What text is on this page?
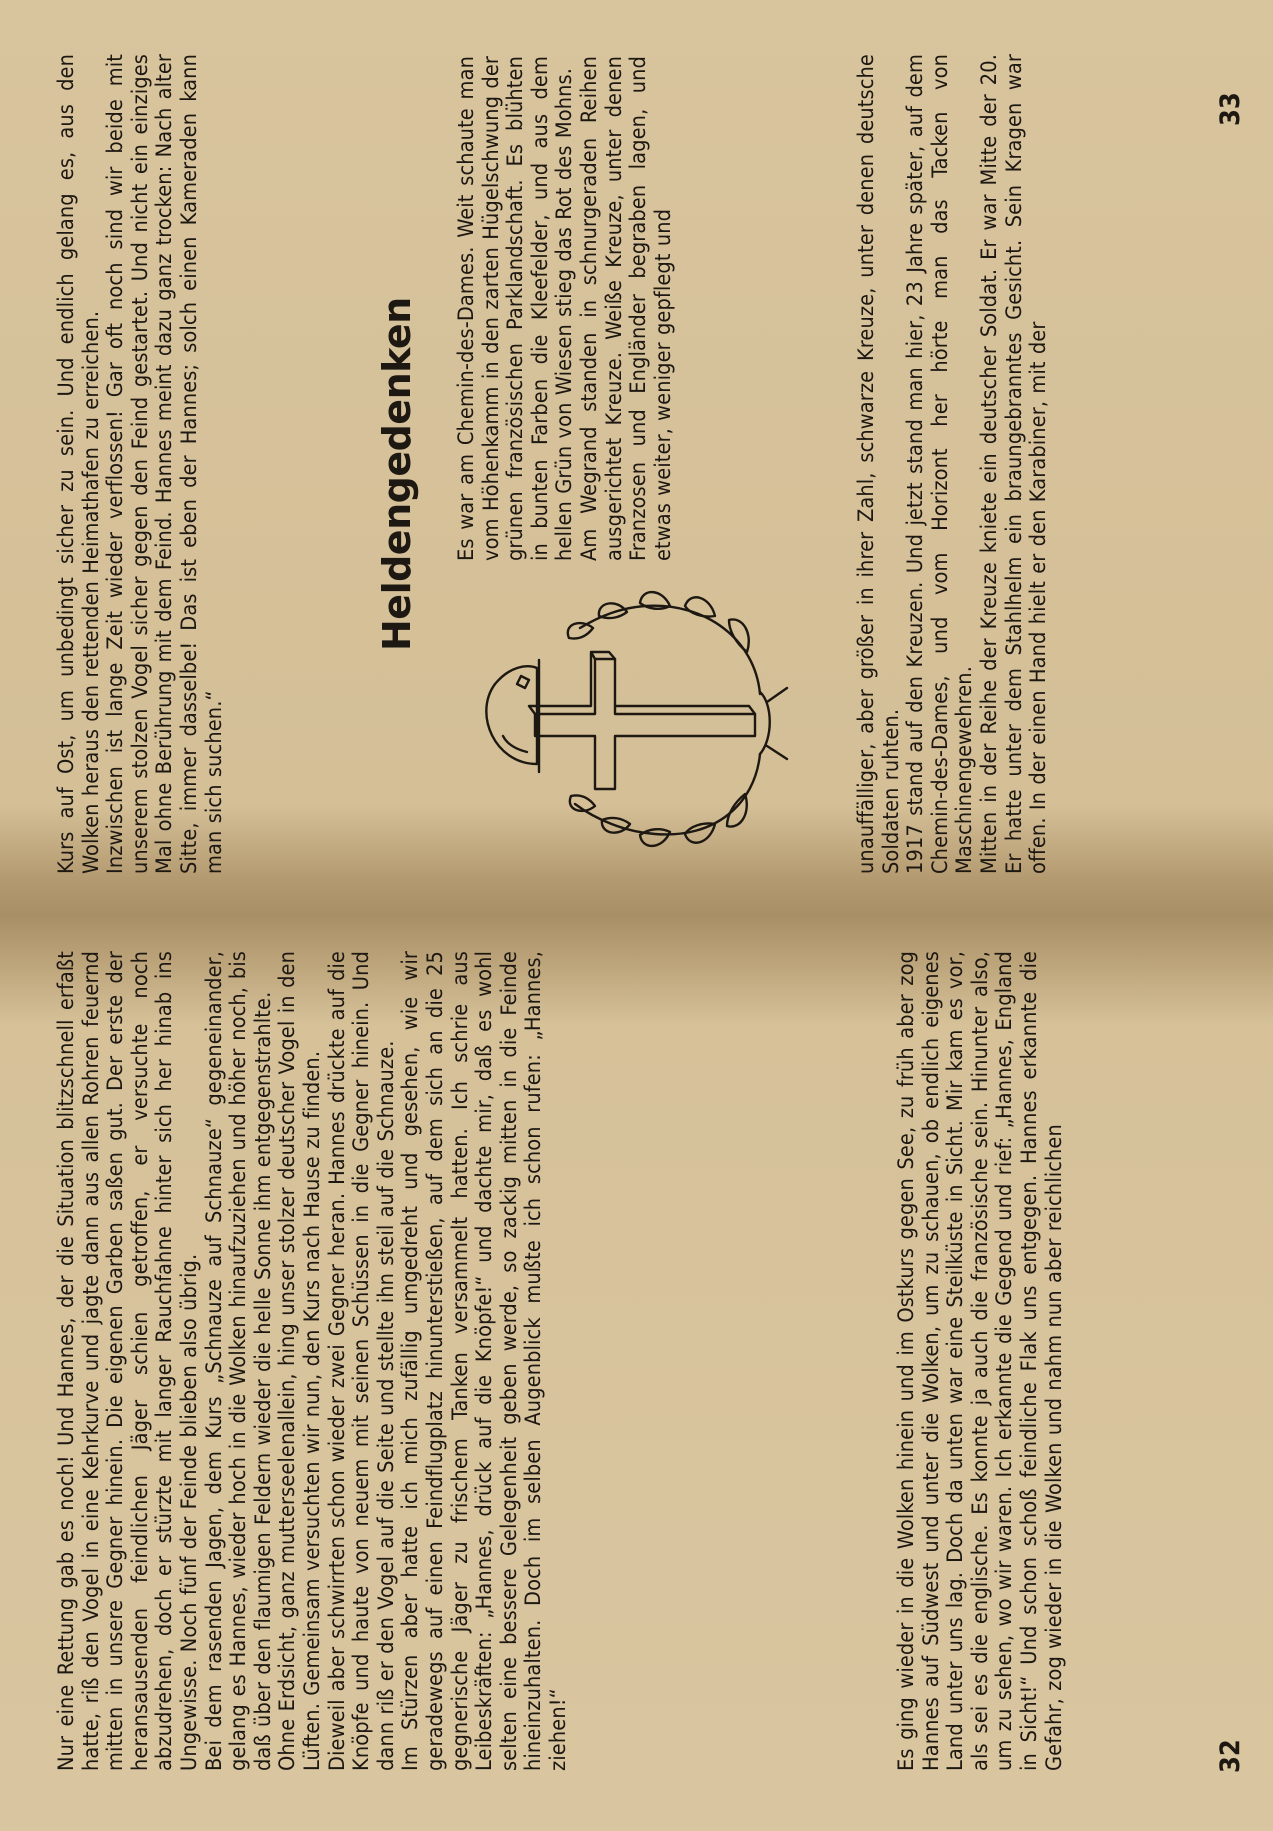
Nur eine Rettung gab es noch! Und Hannes, der die Situation blitzschnell erfaßt hatte, riß den Vogel in eine Kehrkurve und jagte dann aus allen Rohren feuernd mitten in unsere Gegner hinein. Die eigenen Garben saßen gut. Der erste der heransausenden feindlichen Jäger schien getroffen, er versuchte noch abzudrehen, doch er stürzte mit langer Rauchfahne hinter sich her hinab ins Ungewisse. Noch fünf der Feinde blieben also übrig. Bei dem rasenden Jagen, dem Kurs „Schnauze auf Schnauze“ gegeneinander, gelang es Hannes, wieder hoch in die Wolken hinaufzuziehen und höher noch, bis daß über den flaumigen Feldern wieder die helle Sonne ihm entgegenstrahlte. Ohne Erdsicht, ganz mutterseelenallein, hing unser stolzer deutscher Vogel in den Lüften. Gemeinsam versuchten wir nun, den Kurs nach Hause zu finden. Dieweil aber schwirrten schon wieder zwei Gegner heran. Hannes drückte auf die Knöpfe und haute von neuem mit seinen Schüssen in die Gegner hinein. Und dann riß er den Vogel auf die Seite und stellte ihn steil auf die Schnauze. Im Stürzen aber hatte ich mich zufällig umgedreht und gesehen, wie wir geradewegs auf einen Feindflugplatz hinunterstießen, auf dem sich an die 25 gegnerische Jäger zu frischem Tanken versammelt hatten. Ich schrie aus Leibeskräften: „Hannes, drück auf die Knöpfe!“ und dachte mir, daß es wohl selten eine bessere Gelegenheit geben werde, so zackig mitten in die Feinde hineinzuhalten. Doch im selben Augenblick mußte ich schon rufen: „Hannes, ziehen!“	Es ging wieder in die Wolken hinein und im Ostkurs gegen See, zu früh aber zog Hannes auf Südwest und unter die Wolken, um zu schauen, ob endlich eigenes Land unter uns lag. Doch da unten war eine Steilküste in Sicht. Mir kam es vor, als sei es die englische. Es konnte ja auch die französische sein. Hinunter also, um zu sehen, wo wir waren. Ich erkannte die Gegend und rief: „Hannes, England in Sicht!“ Und schon schoß feindliche Flak uns entgegen. Hannes erkannte die Gefahr, zog wieder in die Wolken und nahm nun aber reichlichen	32

Kurs auf Ost, um unbedingt sicher zu sein. Und endlich gelang es, aus den Wolken heraus den rettenden Heimathafen zu erreichen. Inzwischen ist lange Zeit wieder verflossen! Gar oft noch sind wir beide mit unserem stolzen Vogel sicher gegen den Feind gestartet. Und nicht ein einziges Mal ohne Berührung mit dem Feind. Hannes meint dazu ganz trocken: Nach alter Sitte, immer dasselbe! Das ist eben der Hannes; solch einen Kameraden kann man sich suchen.“

Heldengedenken Es war am Chemin-des-Dames. Weit schaute man vom Höhenkamm in den zarten Hügelschwung der grünen französischen Parklandschaft. Es blühten in bunten Farben die Kleefelder, und aus dem hellen Grün von Wiesen stieg das Rot des Mohns. Am Wegrand standen in schnurgeraden Reihen ausgerichtet Kreuze. Weiße Kreuze, unter denen Franzosen und Engländer begraben lagen, und etwas weiter, weniger gepflegt und	unauffälliger, aber größer in ihrer Zahl, schwarze Kreuze, unter denen deutsche Soldaten ruhten. 1917 stand auf den Kreuzen. Und jetzt stand man hier, 23 Jahre später, auf dem Chemin-des-Dames, und vom Horizont her hörte man das Tacken von Maschinengewehren. Mitten in der Reihe der Kreuze kniete ein deutscher Soldat. Er war Mitte der 20. Er hatte unter dem Stahlhelm ein braungebranntes Gesicht. Sein Kragen war offen. In der einen Hand hielt er den Karabiner, mit der

33
